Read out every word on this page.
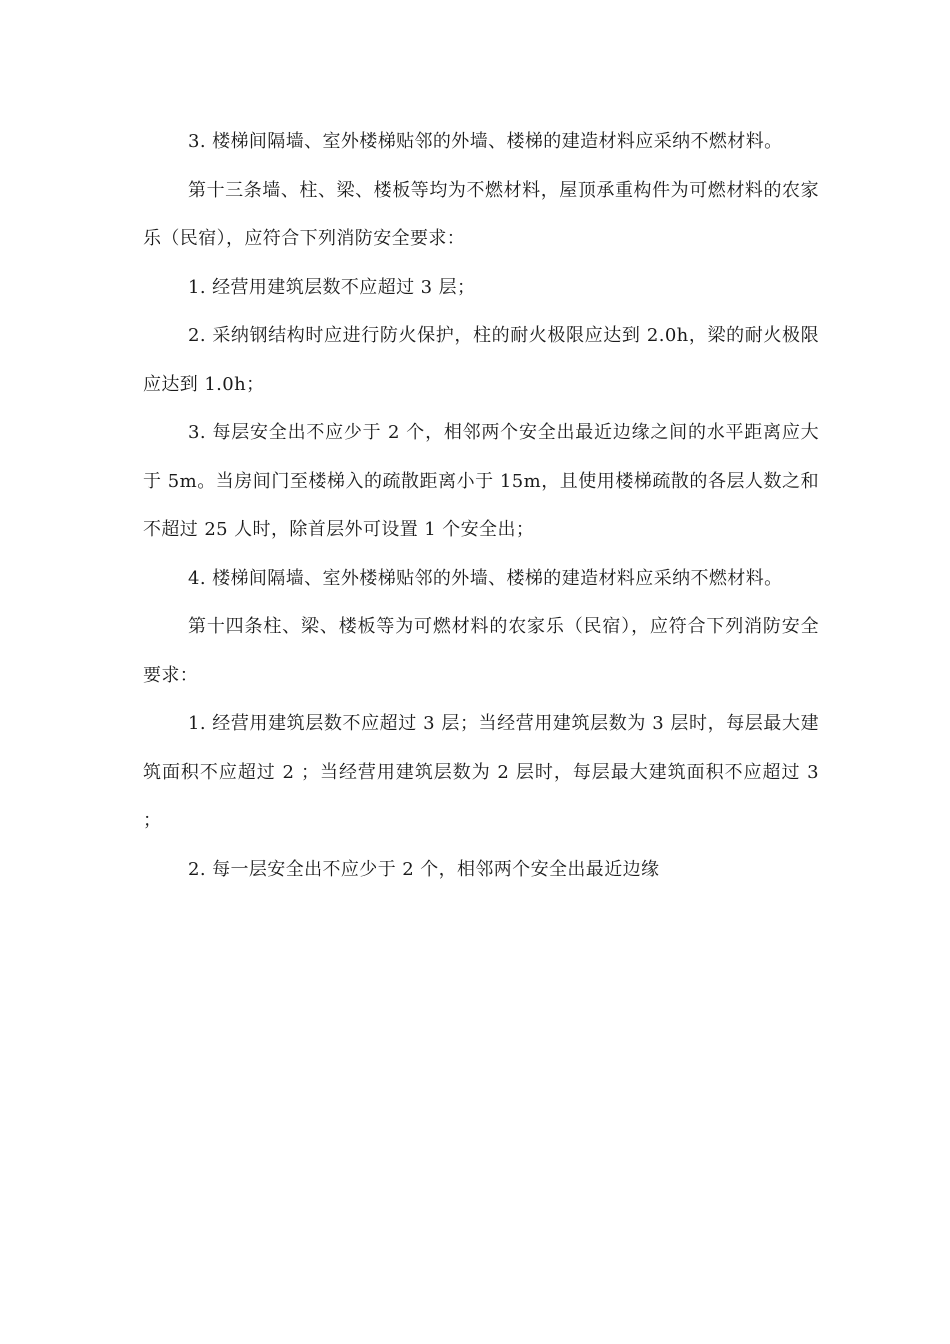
3. 楼梯间隔墙、室外楼梯贴邻的外墙、楼梯的建造材料应采纳不燃材料。

第十三条墙、柱、梁、楼板等均为不燃材料，屋顶承重构件为可燃材料的农家乐（民宿），应符合下列消防安全要求：

1. 经营用建筑层数不应超过 3 层；

2. 采纳钢结构时应进行防火保护，柱的耐火极限应达到 2.0h，梁的耐火极限应达到 1.0h；

3. 每层安全出不应少于 2 个，相邻两个安全出最近边缘之间的水平距离应大于 5m。当房间门至楼梯入的疏散距离小于 15m，且使用楼梯疏散的各层人数之和不超过 25 人时，除首层外可设置 1 个安全出；

4. 楼梯间隔墙、室外楼梯贴邻的外墙、楼梯的建造材料应采纳不燃材料。

第十四条柱、梁、楼板等为可燃材料的农家乐（民宿），应符合下列消防安全要求：

1. 经营用建筑层数不应超过 3 层；当经营用建筑层数为 3 层时，每层最大建筑面积不应超过 2 ；当经营用建筑层数为 2 层时，每层最大建筑面积不应超过 3 ；

2. 每一层安全出不应少于 2 个，相邻两个安全出最近边缘
